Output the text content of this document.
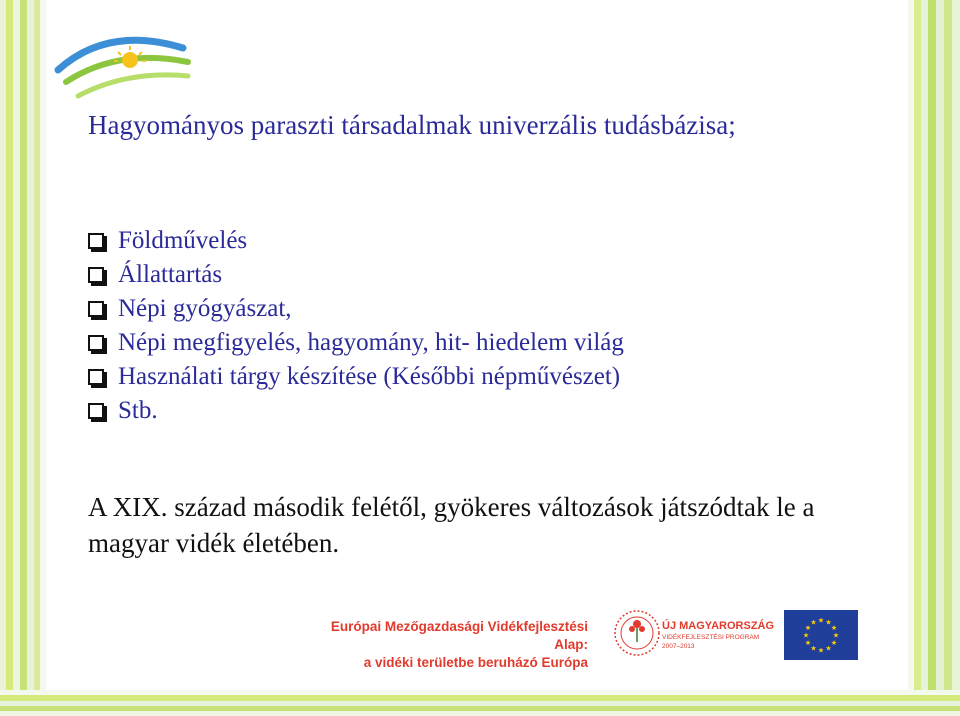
Hagyományos paraszti társadalmak univerzális tudásbázisa;

Földművelés
Állattartás
Népi gyógyászat,
Népi megfigyelés, hagyomány, hit- hiedelem világ
Használati tárgy készítése (Későbbi népművészet)
Stb.

A XIX. század második felétől, gyökeres változások játszódtak le a magyar vidék életében.

Európai Mezőgazdasági Vidékfejlesztési Alap:
a vidéki területbe beruházó Európa
ÚJ MAGYARORSZÁG
VIDÉKFEJLESZTÉSI PROGRAM
2007–2013
★ ★
★
★
★
★
★
★
★
★
★
★
